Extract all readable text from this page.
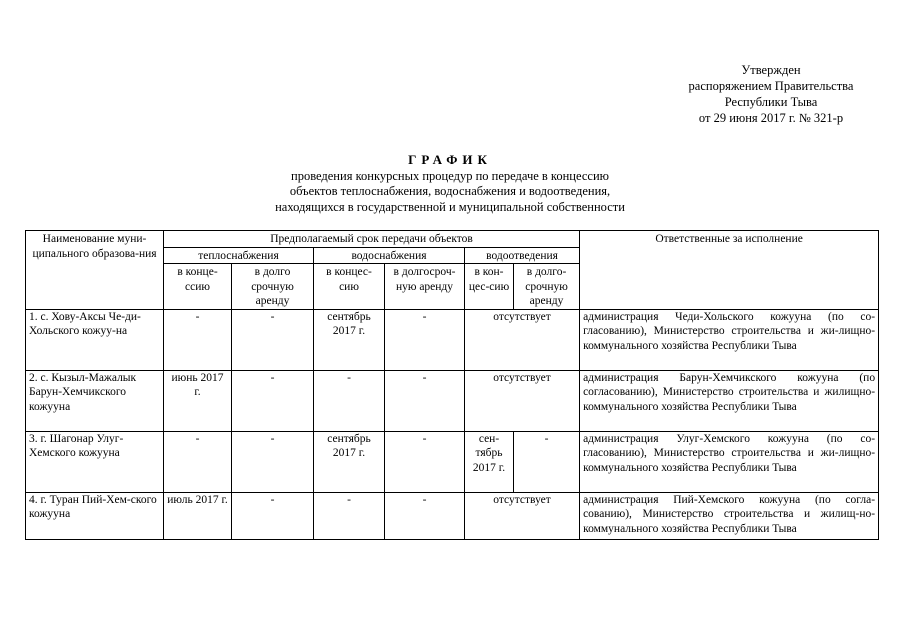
Утвержден
распоряжением Правительства
Республики Тыва
от 29 июня 2017 г. № 321-р
ГРАФИК
проведения конкурсных процедур по передаче в концессию
объектов теплоснабжения, водоснабжения и водоотведения,
находящихся в государственной и муниципальной собственности
Наименование муни-ципального образова-ния	Предполагаемый срок передачи объектов						Ответственные за исполнение
	теплоснабжения		водоснабжения		водоотведения		
	в конце-ссию	в долго срочную аренду	в концес-сию	в долгосроч-ную аренду	в кон-цес-сию	в долго-срочную аренду	
1. с. Хову-Аксы Че-ди-Хольского кожуу-на	-	-	сентябрь 2017 г.	-	отсутствует		администрация Чеди-Хольского кожууна (по со-гласованию), Министерство строительства и жи-лищно-коммунального хозяйства Республики Тыва
2. с. Кызыл-Мажалык Барун-Хемчикского кожууна	июнь 2017 г.	-	-	-	отсутствует		администрация Барун-Хемчикского кожууна (по согласованию), Министерство строительства и жилищно-коммунального хозяйства Республики Тыва
3. г. Шагонар Улуг-Хемского кожууна	-	-	сентябрь 2017 г.	-	сен-тябрь 2017 г.	-	администрация Улуг-Хемского кожууна (по со-гласованию), Министерство строительства и жи-лищно-коммунального хозяйства Республики Тыва
4. г. Туран Пий-Хем-ского кожууна	июль 2017 г.	-	-	-	отсутствует		администрация Пий-Хемского кожууна (по согла-сованию), Министерство строительства и жилищ-но-коммунального хозяйства Республики Тыва
